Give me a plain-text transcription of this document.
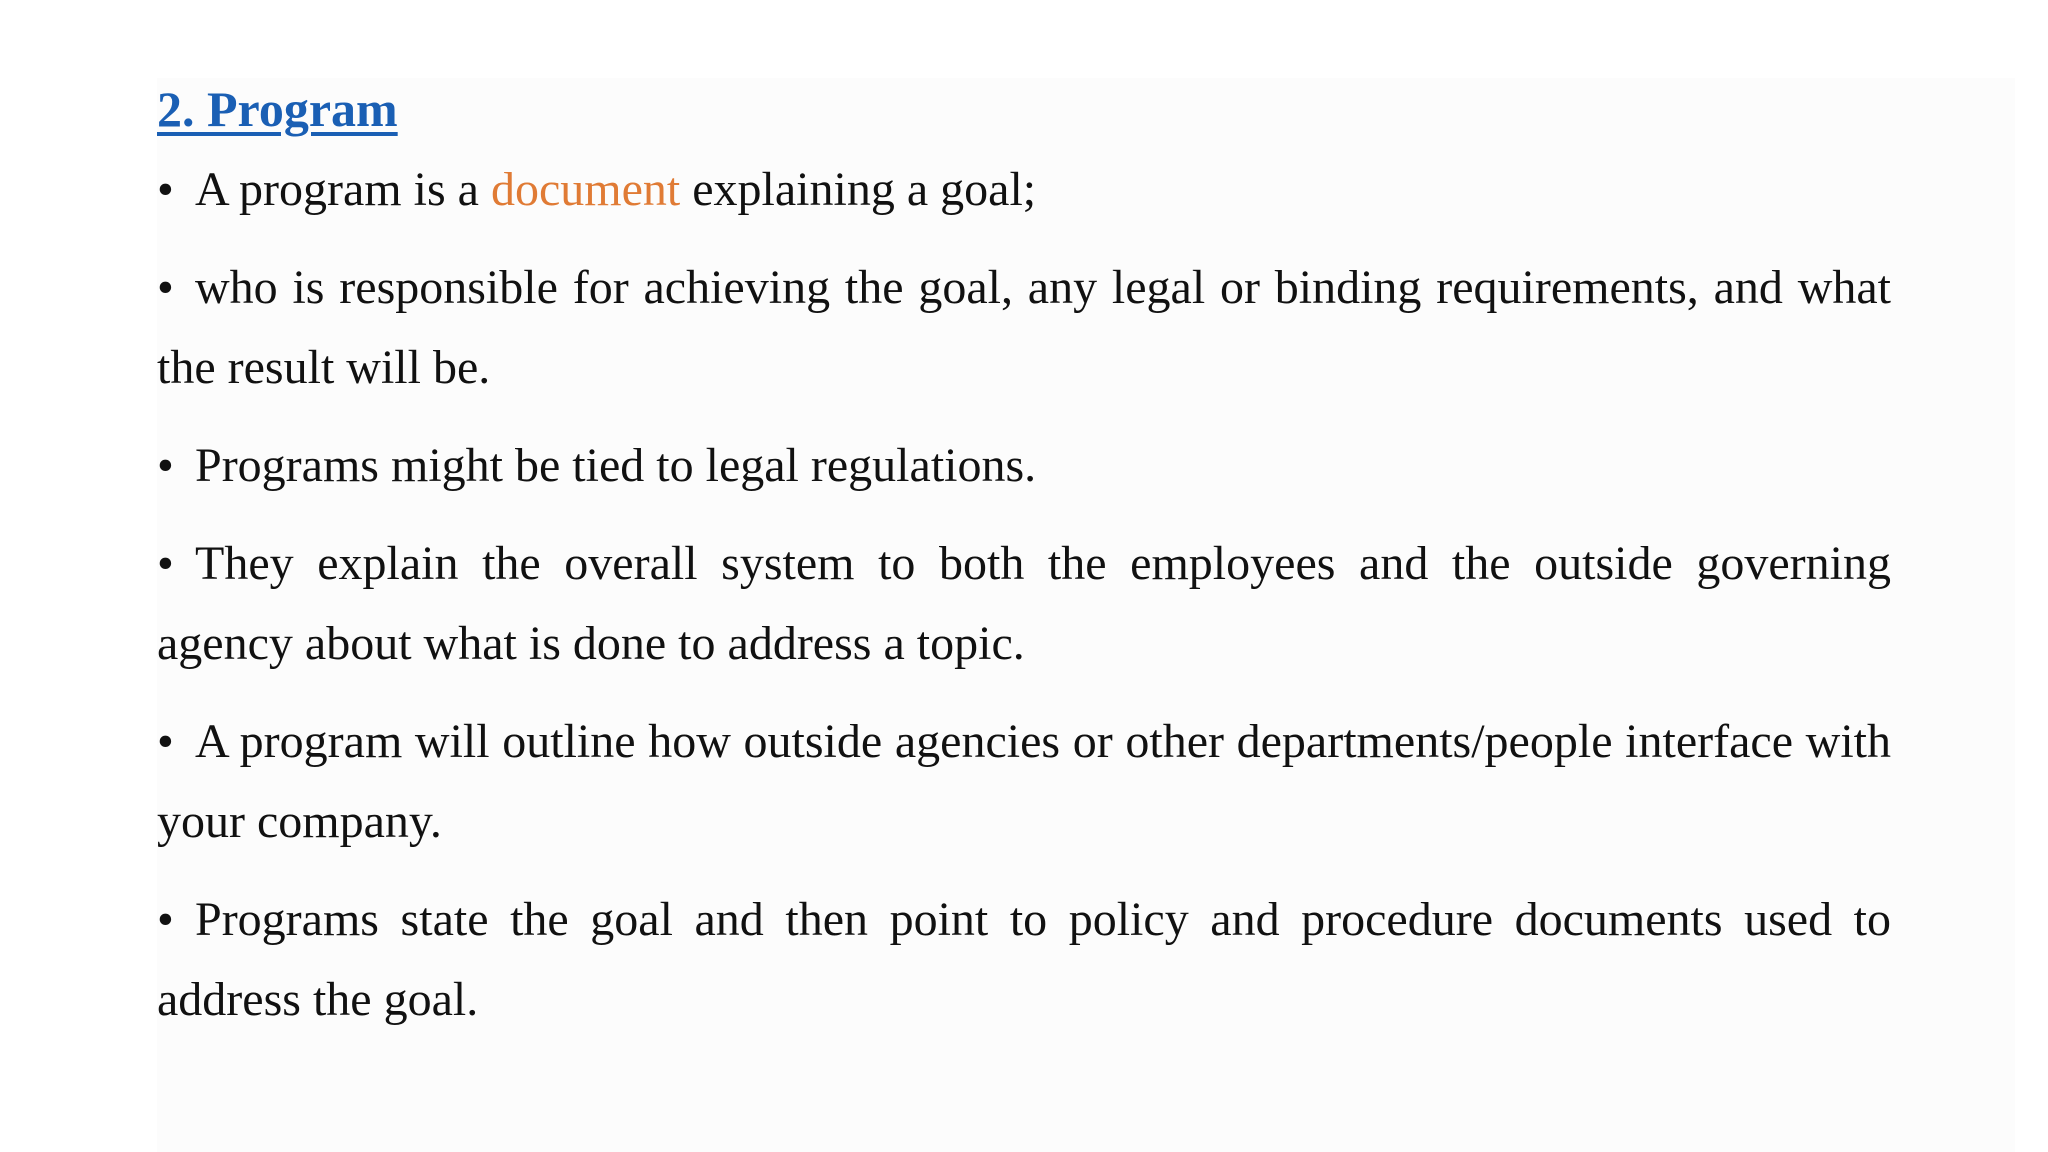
2. Program

• A program is a document explaining a goal;

• who is responsible for achieving the goal, any legal or binding requirements, and what the result will be.

• Programs might be tied to legal regulations.

• They explain the overall system to both the employees and the outside governing agency about what is done to address a topic.

• A program will outline how outside agencies or other departments/people interface with your company.

• Programs state the goal and then point to policy and procedure documents used to address the goal.
